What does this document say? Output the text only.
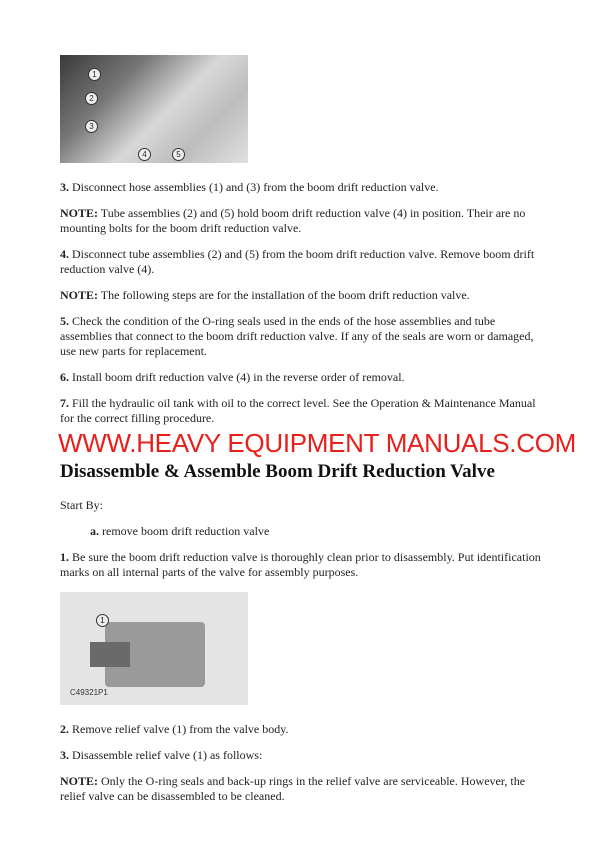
1
2
3
4	5

3. Disconnect hose assemblies (1) and (3) from the boom drift reduction valve.

NOTE: Tube assemblies (2) and (5) hold boom drift reduction valve (4) in position. Their are no mounting bolts for the boom drift reduction valve.

4. Disconnect tube assemblies (2) and (5) from the boom drift reduction valve. Remove boom drift reduction valve (4).

NOTE: The following steps are for the installation of the boom drift reduction valve.

5. Check the condition of the O-ring seals used in the ends of the hose assemblies and tube assemblies that connect to the boom drift reduction valve. If any of the seals are worn or damaged, use new parts for replacement.

6. Install boom drift reduction valve (4) in the reverse order of removal.

7. Fill the hydraulic oil tank with oil to the correct level. See the Operation & Maintenance Manual for the correct filling procedure.

WWW.HEAVY EQUIPMENT MANUALS.COM
Disassemble & Assemble Boom Drift Reduction Valve

Start By:

a. remove boom drift reduction valve

1. Be sure the boom drift reduction valve is thoroughly clean prior to disassembly. Put identification marks on all internal parts of the valve for assembly purposes.

1
C49321P1

2. Remove relief valve (1) from the valve body.

3. Disassemble relief valve (1) as follows:

NOTE: Only the O-ring seals and back-up rings in the relief valve are serviceable. However, the relief valve can be disassembled to be cleaned.
